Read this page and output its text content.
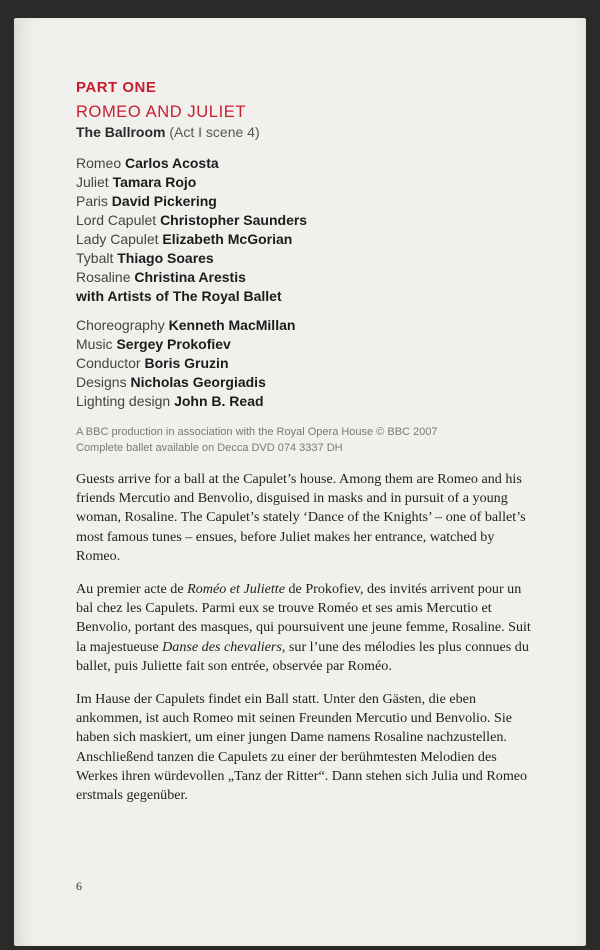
PART ONE
ROMEO AND JULIET
The Ballroom (Act I scene 4)
Romeo Carlos Acosta
Juliet Tamara Rojo
Paris David Pickering
Lord Capulet Christopher Saunders
Lady Capulet Elizabeth McGorian
Tybalt Thiago Soares
Rosaline Christina Arestis
with Artists of The Royal Ballet
Choreography Kenneth MacMillan
Music Sergey Prokofiev
Conductor Boris Gruzin
Designs Nicholas Georgiadis
Lighting design John B. Read
A BBC production in association with the Royal Opera House © BBC 2007
Complete ballet available on Decca DVD 074 3337 DH

Guests arrive for a ball at the Capulet’s house. Among them are Romeo and his friends Mercutio and Benvolio, disguised in masks and in pursuit of a young woman, Rosaline. The Capulet’s stately ‘Dance of the Knights’ – one of ballet’s most famous tunes – ensues, before Juliet makes her entrance, watched by Romeo.

Au premier acte de Roméo et Juliette de Prokofiev, des invités arrivent pour un bal chez les Capulets. Parmi eux se trouve Roméo et ses amis Mercutio et Benvolio, portant des masques, qui poursuivent une jeune femme, Rosaline. Suit la majestueuse Danse des chevaliers, sur l’une des mélodies les plus connues du ballet, puis Juliette fait son entrée, observée par Roméo.

Im Hause der Capulets findet ein Ball statt. Unter den Gästen, die eben ankommen, ist auch Romeo mit seinen Freunden Mercutio und Benvolio. Sie haben sich maskiert, um einer jungen Dame namens Rosaline nachzustellen. Anschließend tanzen die Capulets zu einer der berühmtesten Melodien des Werkes ihren würdevollen „Tanz der Ritter“. Dann stehen sich Julia und Romeo erstmals gegenüber.

6
